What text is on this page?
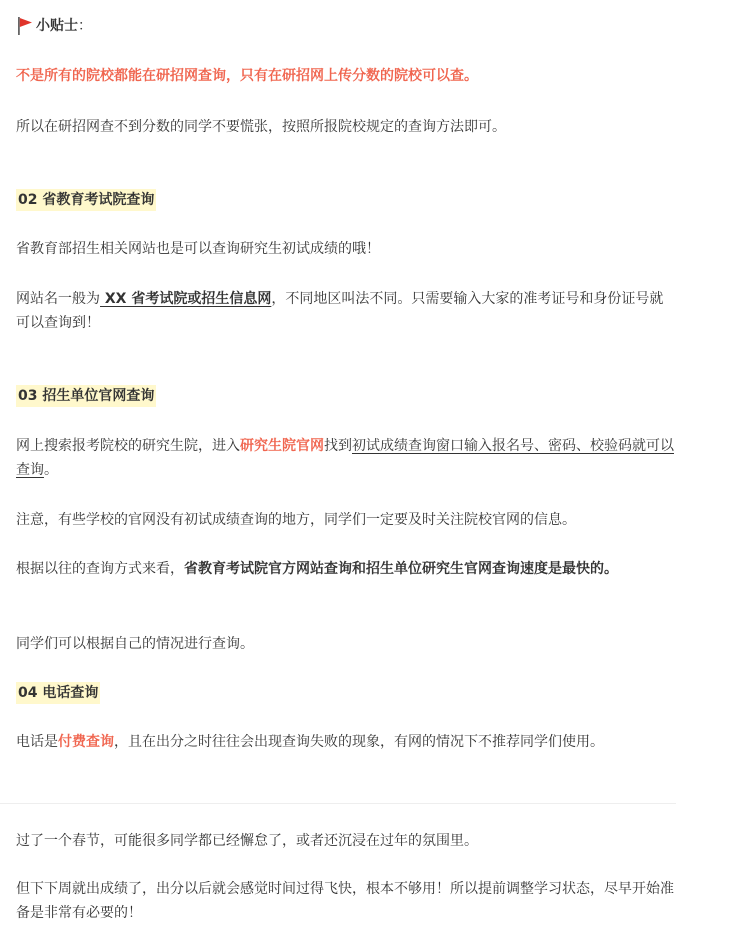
小贴士 ：
不是所有的院校都能在研招网查询，只有在研招网上传分数的院校可以查。
所以在研招网查不到分数的同学不要慌张，按照所报院校规定的查询方法即可。
02 省教育考试院查询
省教育部招生相关网站也是可以查询研究生初试成绩的哦！
网站名一般为 XX 省考试院或招生信息网，不同地区叫法不同。只需要输入大家的准考证号和身份证号就可以查询到！
03 招生单位官网查询
网上搜索报考院校的研究生院，进入研究生院官网找到初试成绩查询窗口输入报名号、密码、校验码就可以查询。
注意，有些学校的官网没有初试成绩查询的地方，同学们一定要及时关注院校官网的信息。
根据以往的查询方式来看，省教育考试院官方网站查询和招生单位研究生官网查询速度是最快的。
同学们可以根据自己的情况进行查询。
04 电话查询
电话是付费查询，且在出分之时往往会出现查询失败的现象，有网的情况下不推荐同学们使用。
过了一个春节，可能很多同学都已经懈怠了，或者还沉浸在过年的氛围里。
但下下周就出成绩了，出分以后就会感觉时间过得飞快，根本不够用！所以提前调整学习状态，尽早开始准备是非常有必要的！
